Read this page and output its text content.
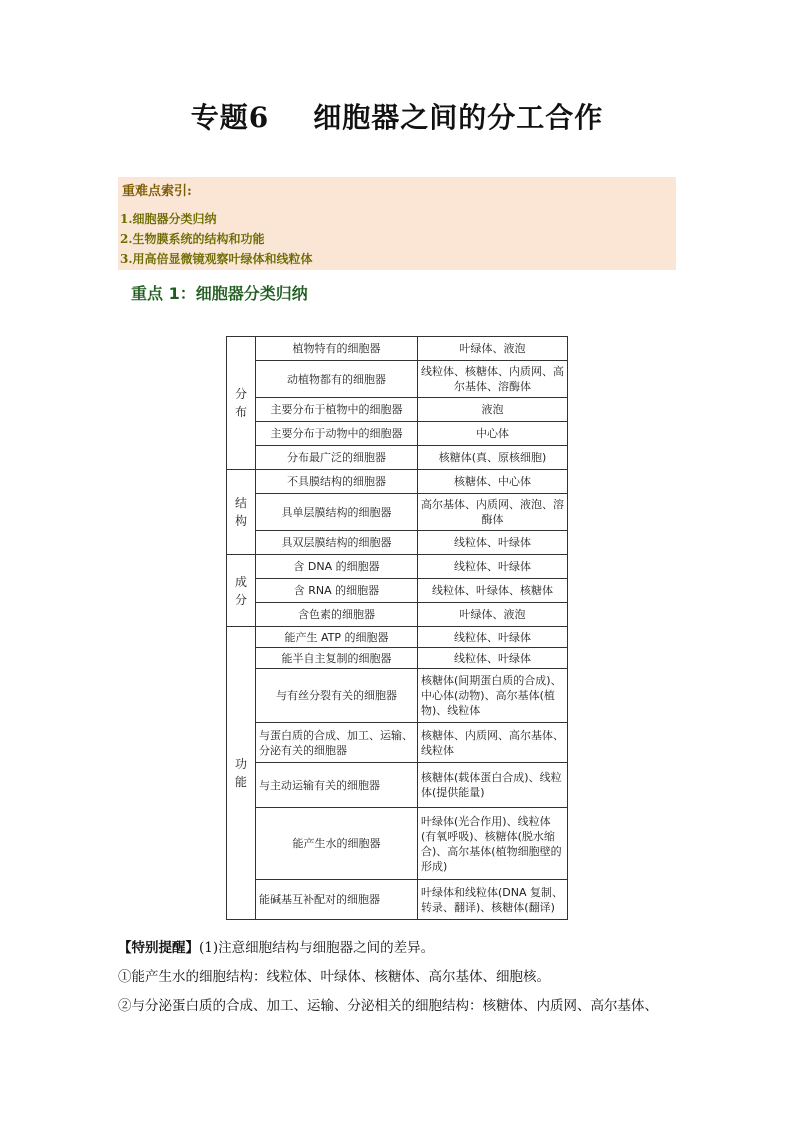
专题6 细胞器之间的分工合作
重难点索引:
1.细胞器分类归纳
2.生物膜系统的结构和功能
3.用高倍显微镜观察叶绿体和线粒体
重点 1：细胞器分类归纳
分布	植物特有的细胞器	叶绿体、液泡
	动植物都有的细胞器	线粒体、核糖体、内质网、高尔基体、溶酶体
	主要分布于植物中的细胞器	液泡
	主要分布于动物中的细胞器	中心体
	分布最广泛的细胞器	核糖体(真、原核细胞)
结构	不具膜结构的细胞器	核糖体、中心体
	具单层膜结构的细胞器	高尔基体、内质网、液泡、溶酶体
	具双层膜结构的细胞器	线粒体、叶绿体
成分	含 DNA 的细胞器	线粒体、叶绿体
	含 RNA 的细胞器	线粒体、叶绿体、核糖体
	含色素的细胞器	叶绿体、液泡
功能	能产生 ATP 的细胞器	线粒体、叶绿体
	能半自主复制的细胞器	线粒体、叶绿体
	与有丝分裂有关的细胞器	核糖体(间期蛋白质的合成)、中心体(动物)、高尔基体(植物)、线粒体
	与蛋白质的合成、加工、运输、分泌有关的细胞器	核糖体、内质网、高尔基体、线粒体
	与主动运输有关的细胞器	核糖体(载体蛋白合成)、线粒体(提供能量)
	能产生水的细胞器	叶绿体(光合作用)、线粒体(有氧呼吸)、核糖体(脱水缩合)、高尔基体(植物细胞壁的形成)
	能碱基互补配对的细胞器	叶绿体和线粒体(DNA 复制、转录、翻译)、核糖体(翻译)
【特别提醒】(1)注意细胞结构与细胞器之间的差异。
①能产生水的细胞结构：线粒体、叶绿体、核糖体、高尔基体、细胞核。
②与分泌蛋白质的合成、加工、运输、分泌相关的细胞结构：核糖体、内质网、高尔基体、
